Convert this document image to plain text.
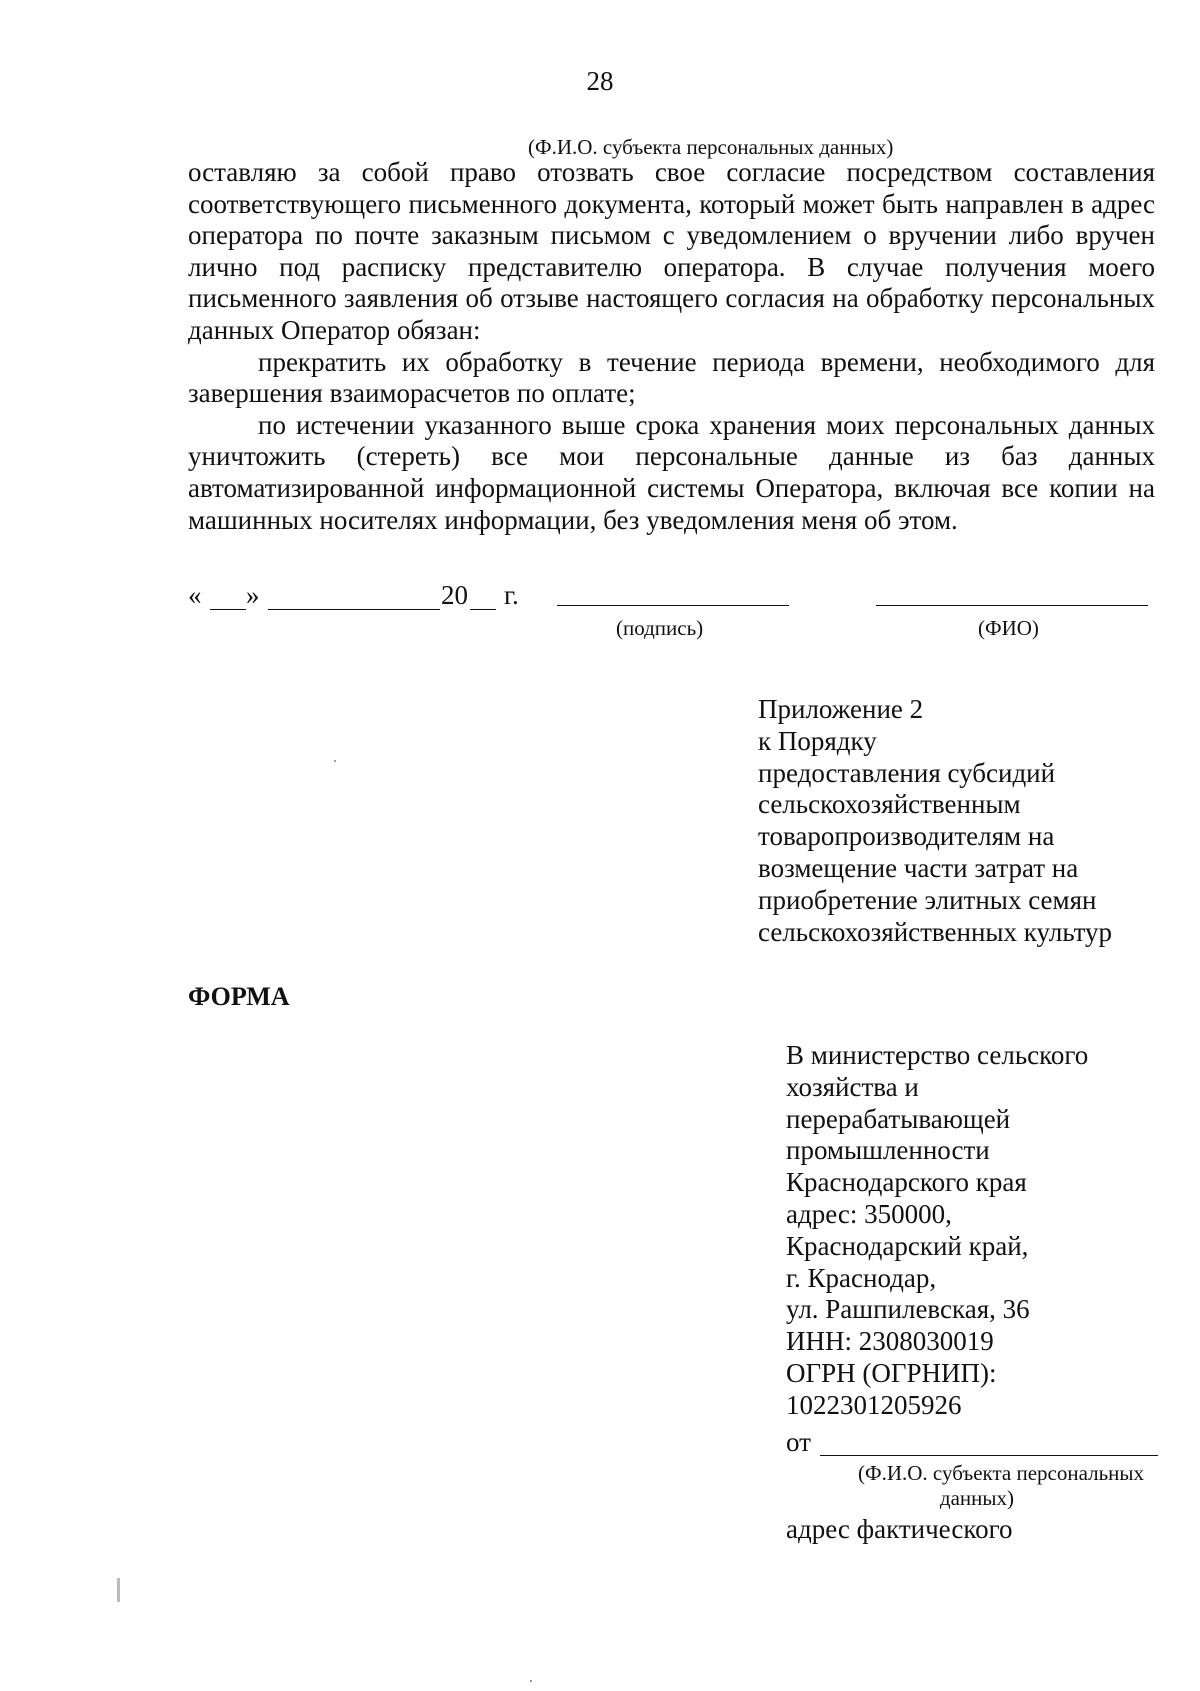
28
(Ф.И.О. субъекта персональных данных)

оставляю за собой право отозвать свое согласие посредством составления соответствующего письменного документа, который может быть направлен в адрес оператора по почте заказным письмом с уведомлением о вручении либо вручен лично под расписку представителю оператора. В случае получения моего письменного заявления об отзыве настоящего согласия на обработку персональных данных Оператор обязан:

прекратить их обработку в течение периода времени, необходимого для завершения взаиморасчетов по оплате;

по истечении указанного выше срока хранения моих персональных данных уничтожить (стереть) все мои персональные данные из баз данных автоматизированной информационной системы Оператора, включая все копии на машинных носителях информации, без уведомления меня об этом.

« »	20 г.
(подпись)	(ФИО)
Приложение 2
к Порядку
предоставления субсидий
сельскохозяйственным
товаропроизводителям на
возмещение части затрат на
приобретение элитных семян
сельскохозяйственных культур
ФОРМА
В министерство сельского
хозяйства и
перерабатывающей
промышленности
Краснодарского края
адрес: 350000,
Краснодарский край,
г. Краснодар,
ул. Рашпилевская, 36
ИНН: 2308030019
ОГРН (ОГРНИП):
1022301205926
от
(Ф.И.О. субъекта персональных
данных)
адрес фактического
